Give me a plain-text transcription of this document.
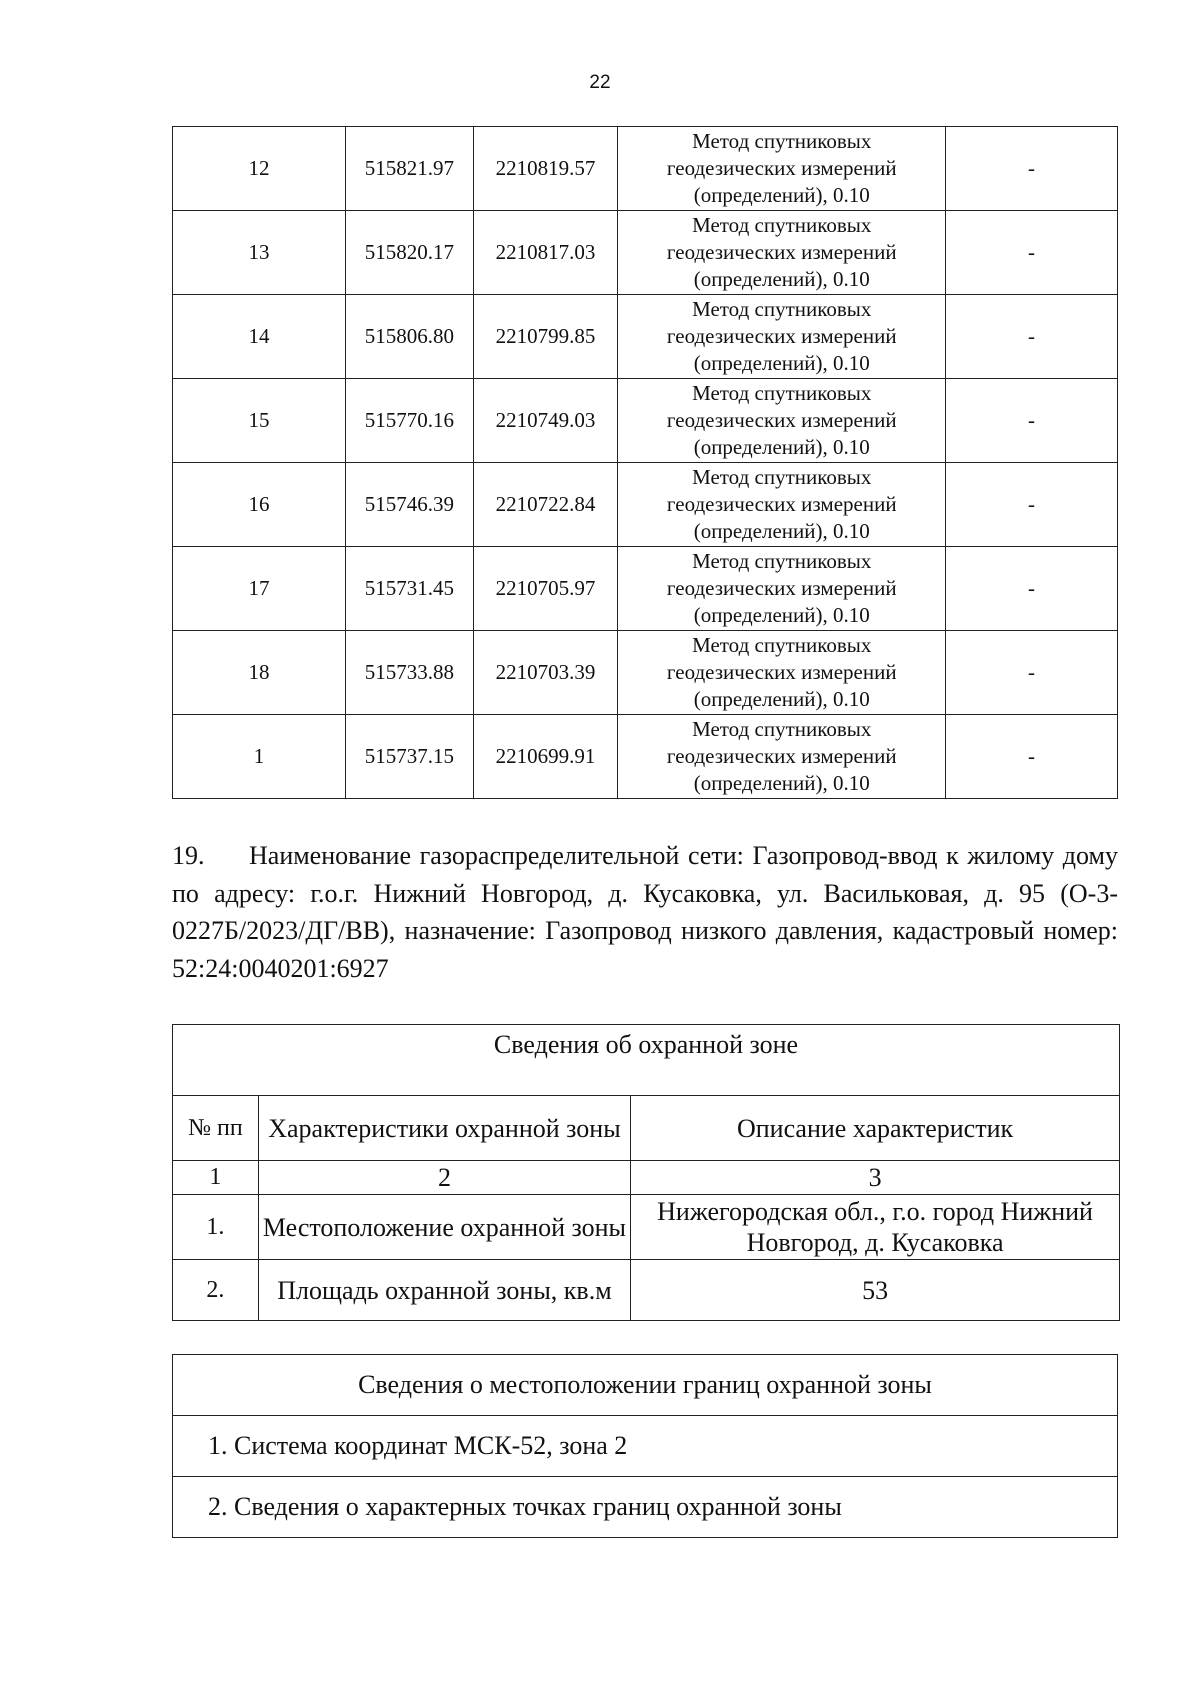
22
12	515821.97	2210819.57	Метод спутниковых
геодезических измерений
(определений), 0.10	-
13	515820.17	2210817.03	Метод спутниковых
геодезических измерений
(определений), 0.10	-
14	515806.80	2210799.85	Метод спутниковых
геодезических измерений
(определений), 0.10	-
15	515770.16	2210749.03	Метод спутниковых
геодезических измерений
(определений), 0.10	-
16	515746.39	2210722.84	Метод спутниковых
геодезических измерений
(определений), 0.10	-
17	515731.45	2210705.97	Метод спутниковых
геодезических измерений
(определений), 0.10	-
18	515733.88	2210703.39	Метод спутниковых
геодезических измерений
(определений), 0.10	-
1	515737.15	2210699.91	Метод спутниковых
геодезических измерений
(определений), 0.10	-
19. Наименование газораспределительной сети: Газопровод-ввод к жилому дому по адресу: г.о.г. Нижний Новгород, д. Кусаковка, ул. Васильковая, д. 95 (О-3-0227Б/2023/ДГ/ВВ), назначение: Газопровод низкого давления, кадастровый номер: 52:24:0040201:6927
Сведения об охранной зоне		
№ пп	Характеристики охранной зоны	Описание характеристик
1	2	3
1.	Местоположение охранной зоны	Нижегородская обл., г.о. город Нижний Новгород, д. Кусаковка
2.	Площадь охранной зоны, кв.м	53
Сведения о местоположении границ охранной зоны
1. Система координат МСК-52, зона 2
2. Сведения о характерных точках границ охранной зоны
